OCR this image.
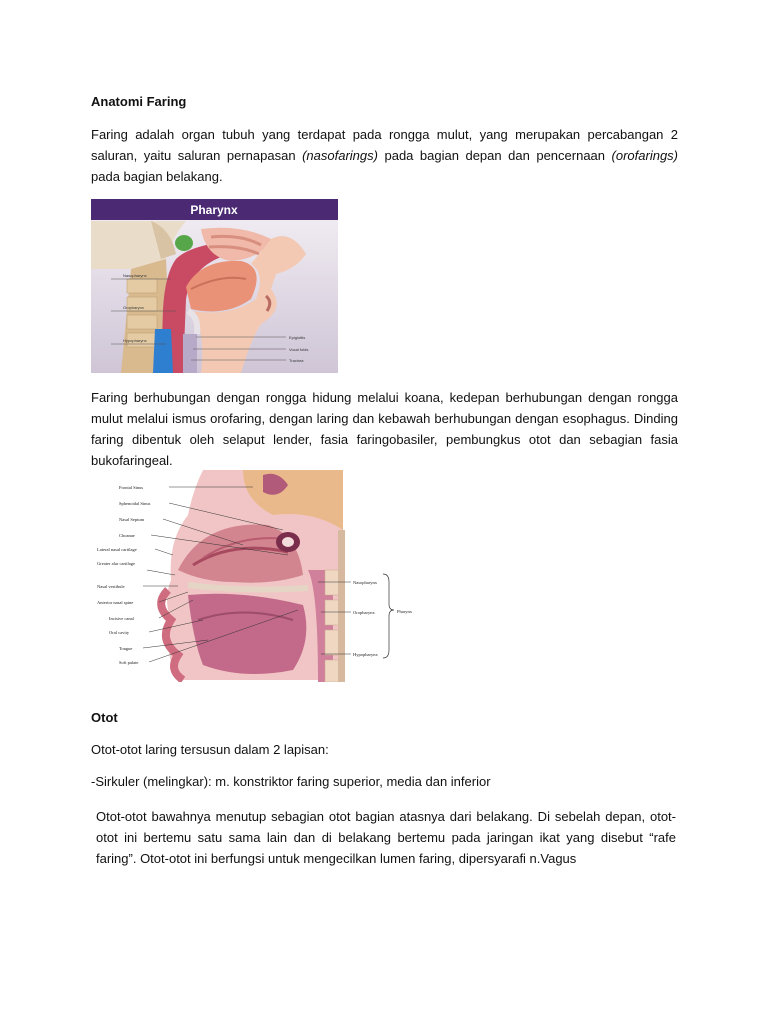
Anatomi Faring
Faring adalah organ tubuh yang terdapat pada rongga mulut, yang merupakan percabangan 2 saluran, yaitu saluran pernapasan (nasofarings) pada bagian depan dan pencernaan (orofarings) pada bagian belakang.
Pharynx
Nasopharynx
Oropharynx
Hypopharynx
Epiglottis
Vocal folds
Trachea
Faring berhubungan dengan rongga hidung melalui koana, kedepan berhubungan dengan rongga mulut melalui ismus orofaring, dengan laring dan kebawah berhubungan dengan esophagus. Dinding faring dibentuk oleh selaput lender, fasia faringobasiler, pembungkus otot dan sebagian fasia bukofaringeal.
Frontal Sinus
Sphenoidal Sinus
Nasal Septum
Choanae
Lateral nasal cartilage
Greater alar cartilage
Nasal vestibule
Anterior nasal spine
Incisive canal
Oral cavity
Tongue
Soft palate
Nasopharynx
Oropharynx
Hypopharynx
Pharynx
Otot
Otot-otot laring tersusun dalam 2 lapisan:
-Sirkuler (melingkar): m. konstriktor faring superior, media dan inferior
Otot-otot bawahnya menutup sebagian otot bagian atasnya dari belakang. Di sebelah depan, otot-otot ini bertemu satu sama lain dan di belakang bertemu pada jaringan ikat yang disebut “rafe faring”. Otot-otot ini berfungsi untuk mengecilkan lumen faring, dipersyarafi n.Vagus
